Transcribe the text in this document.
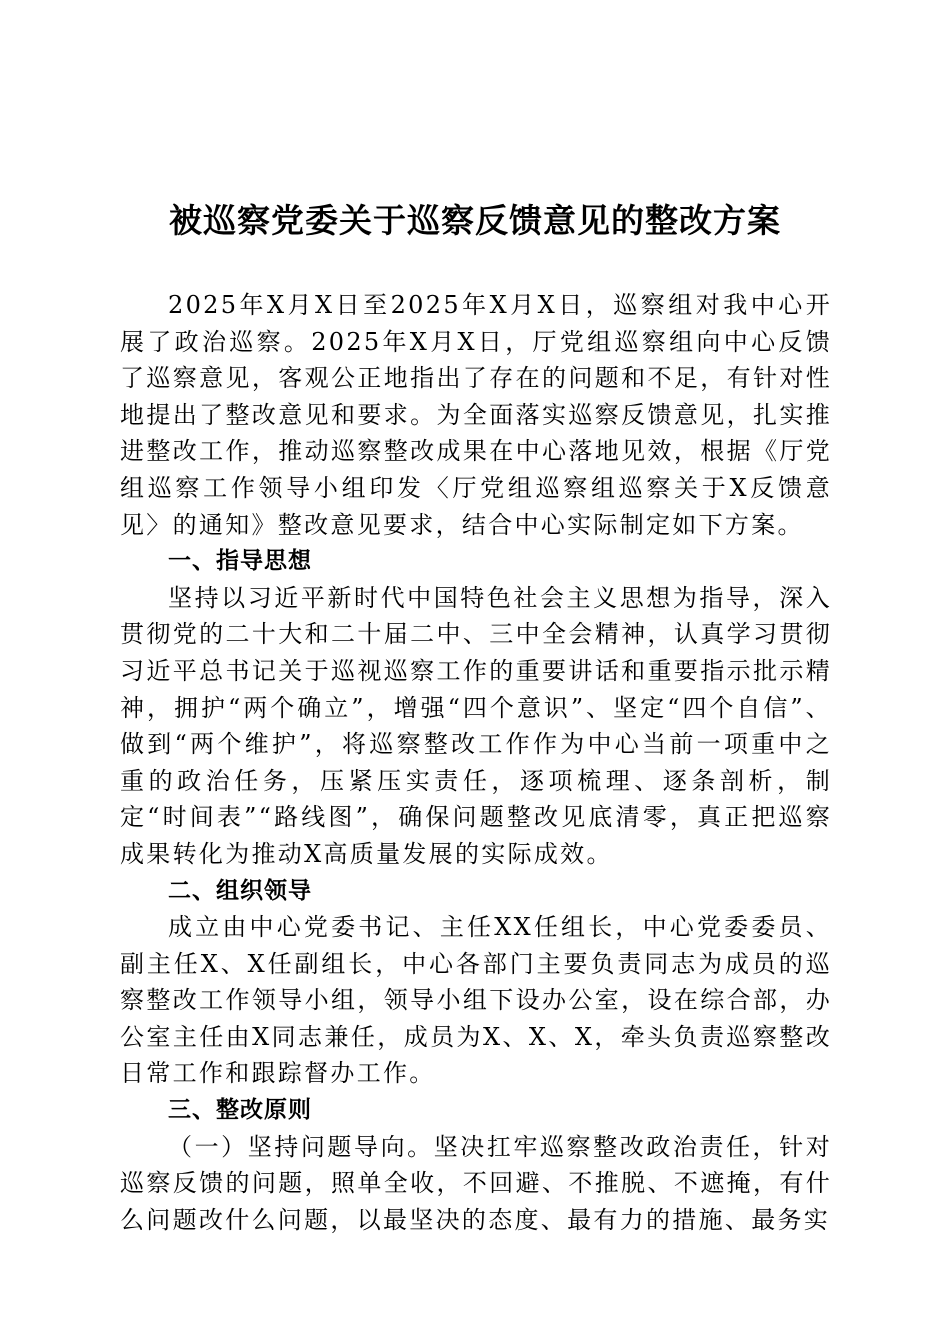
被巡察党委关于巡察反馈意见的整改方案

2025年X月X日至2025年X月X日，巡察组对我中心开展了政治巡察。2025年X月X日，厅党组巡察组向中心反馈了巡察意见，客观公正地指出了存在的问题和不足，有针对性地提出了整改意见和要求。为全面落实巡察反馈意见，扎实推进整改工作，推动巡察整改成果在中心落地见效，根据《厅党组巡察工作领导小组印发〈厅党组巡察组巡察关于X反馈意见〉的通知》整改意见要求，结合中心实际制定如下方案。

一、指导思想

坚持以习近平新时代中国特色社会主义思想为指导，深入贯彻党的二十大和二十届二中、三中全会精神，认真学习贯彻习近平总书记关于巡视巡察工作的重要讲话和重要指示批示精神，拥护“两个确立”，增强“四个意识”、坚定“四个自信”、做到“两个维护”，将巡察整改工作作为中心当前一项重中之重的政治任务，压紧压实责任，逐项梳理、逐条剖析，制定“时间表”“路线图”，确保问题整改见底清零，真正把巡察成果转化为推动X高质量发展的实际成效。

二、组织领导

成立由中心党委书记、主任XX任组长，中心党委委员、副主任X、X任副组长，中心各部门主要负责同志为成员的巡察整改工作领导小组，领导小组下设办公室，设在综合部，办公室主任由X同志兼任，成员为X、X、X，牵头负责巡察整改日常工作和跟踪督办工作。

三、整改原则

（一）坚持问题导向。坚决扛牢巡察整改政治责任，针对巡察反馈的问题，照单全收，不回避、不推脱、不遮掩，有什么问题改什么问题，以最坚决的态度、最有力的措施、最务实
